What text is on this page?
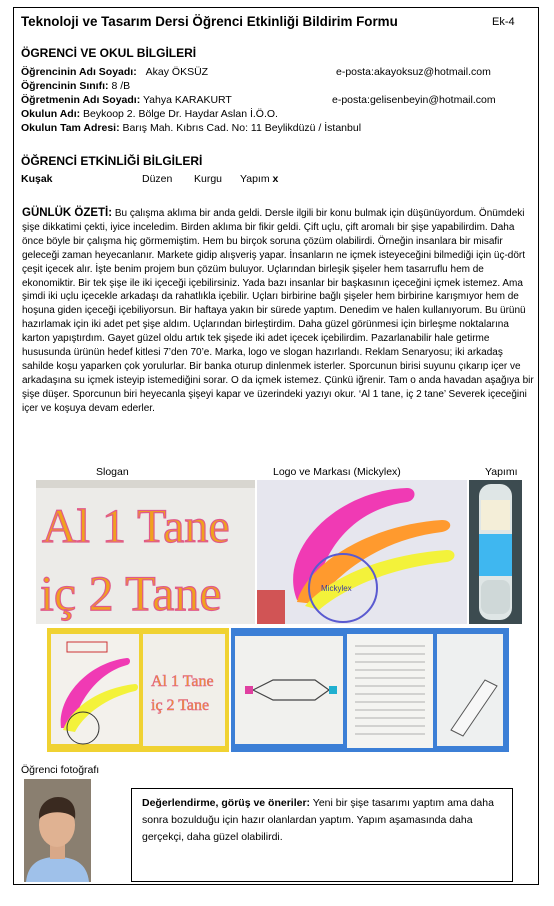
Teknoloji ve Tasarım Dersi Öğrenci Etkinliği Bildirim Formu	Ek-4
ÖGRENCİ VE OKUL BİLGİLERİ
Öğrencinin Adı Soyadı: Akay ÖKSÜZ	e-posta:akayoksuz@hotmail.com
Öğrencinin Sınıfı: 8 /B
Öğretmenin Adı Soyadı: Yahya KARAKURT	e-posta:gelisenbeyin@hotmail.com
Okulun Adı: Beykoop 2. Bölge Dr. Haydar Aslan İ.Ö.O.
Okulun Tam Adresi: Barış Mah. Kıbrıs Cad. No: 11 Beylikdüzü / İstanbul
ÖĞRENCİ ETKİNLİĞİ BİLGİLERİ
Kuşak	Düzen Kurgu Yapım x
GÜNLÜK ÖZETİ: Bu çalışma aklıma bir anda geldi. Dersle ilgili bir konu bulmak için düşünüyordum. Önümdeki şişe dikkatimi çekti, iyice inceledim. Birden aklıma bir fikir geldi. Çift uçlu, çift aromalı bir şişe yapabilirdim. Daha önce böyle bir çalışma hiç görmemiştim. Hem bu birçok soruna çözüm olabilirdi. Örneğin insanlara bir misafir geleceği zaman heyecanlanır. Markete gidip alışveriş yapar. İnsanların ne içmek isteyeceğini bilmediği için üç-dört çeşit içecek alır. İşte benim projem bun çözüm buluyor. Uçlarından birleşik şişeler hem tasarruflu hem de ekonomiktir. Bir tek şişe ile iki içeceği içebilirsiniz. Yada bazı insanlar bir başkasının içeceğini içmek istemez. Ama şimdi iki uçlu içecekle arkadaşı da rahatlıkla içebilir. Uçları birbirine bağlı şişeler hem birbirine karışmıyor hem de hoşuna giden içeceği içebiliyorsun. Bir haftaya yakın bir sürede yaptım. Denedim ve halen kullanıyorum. Bu ürünü hazırlamak için iki adet pet şişe aldım. Uçlarından birleştirdim. Daha güzel görünmesi için birleşme noktalarına karton yapıştırdım. Gayet güzel oldu artık tek şişede iki adet içecek içebilirdim. Pazarlanabilir hale getirme hususunda ürünün hedef kitlesi 7’den 70’e. Marka, logo ve slogan hazırlandı. Reklam Senaryosu; iki arkadaş sahilde koşu yaparken çok yorulurlar. Bir banka oturup dinlenmek isterler. Sporcunun birisi suyunu çıkarıp içer ve arkadaşına su içmek isteyip istemediğini sorar. O da içmek istemez. Çünkü iğrenir. Tam o anda havadan aşağıya bir şişe düşer. Sporcunun biri heyecanla şişeyi kapar ve üzerindeki yazıyı okur. ‘Al 1 tane, iç 2 tane’ Severek içeceğini içer ve koşuya devam ederler.
Slogan	Logo ve Markası (Mickylex)	Yapımı
Al 1 Tane
iç 2 Tane	Mickylex
Al 1 Tane
iç 2 Tane
Öğrenci fotoğrafı
Değerlendirme, görüş ve öneriler: Yeni bir şişe tasarımı yaptım ama daha sonra bozulduğu için hazır olanlardan yaptım. Yapım aşamasında daha gerçekçi, daha güzel olabilirdi.
